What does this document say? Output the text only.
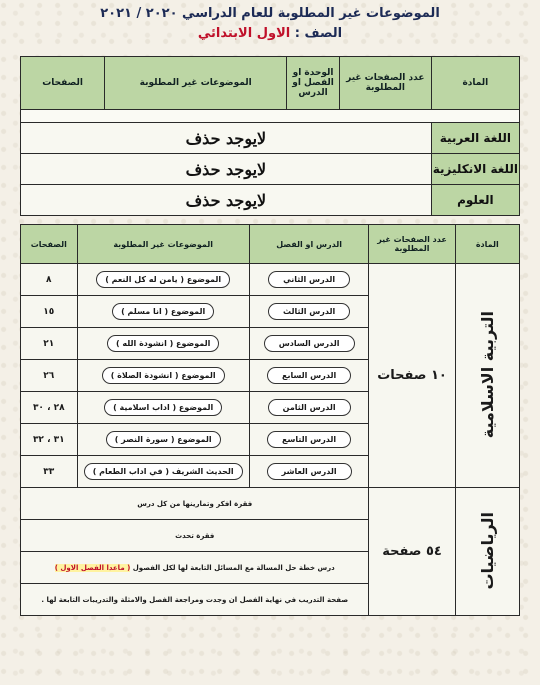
الموضوعات غير المطلوبة للعام الدراسي ٢٠٢٠ / ٢٠٢١
الصف : الاول الابتدائي
المادة	عدد الصفحات غير المطلوبة	الوحدة او الفصل او الدرس	الموضوعات غير المطلوبة	الصفحات

اللغة العربية	لايوجد حذف			
اللغة الانكليزية	لايوجد حذف			
العلوم	لايوجد حذف			
المادة	عدد الصفحات غير المطلوبة	الدرس او الفصل	الموضوعات غير المطلوبة	الصفحات
التربية الاسلامية	١٠ صفحات	الدرس الثاني	الموضوع ( يامن له كل النعم )	٨
		الدرس الثالث	الموضوع ( انا مسلم )	١٥
		الدرس السادس	الموضوع ( انشودة الله )	٢١
		الدرس السابع	الموضوع ( انشودة الصلاة )	٢٦
		الدرس الثامن	الموضوع ( اداب اسلامية )	٢٨ ، ٣٠
		الدرس التاسع	الموضوع ( سورة النصر )	٣١ ، ٣٢
		الدرس العاشر	الحديث الشريف ( في اداب الطعام )	٣٣
الرياضيات	٥٤ صفحة	فقرة افكر وتمارينها من كل درس		
		فقرة تحدث		
		درس خطة حل المسالة مع المسائل التابعة لها لكل الفصول ( ماعدا الفصل الاول )		
		صفحة التدريب في نهاية الفصل ان وجدت ومراجعة الفصل والامثلة والتدريبات التابعة لها .		
